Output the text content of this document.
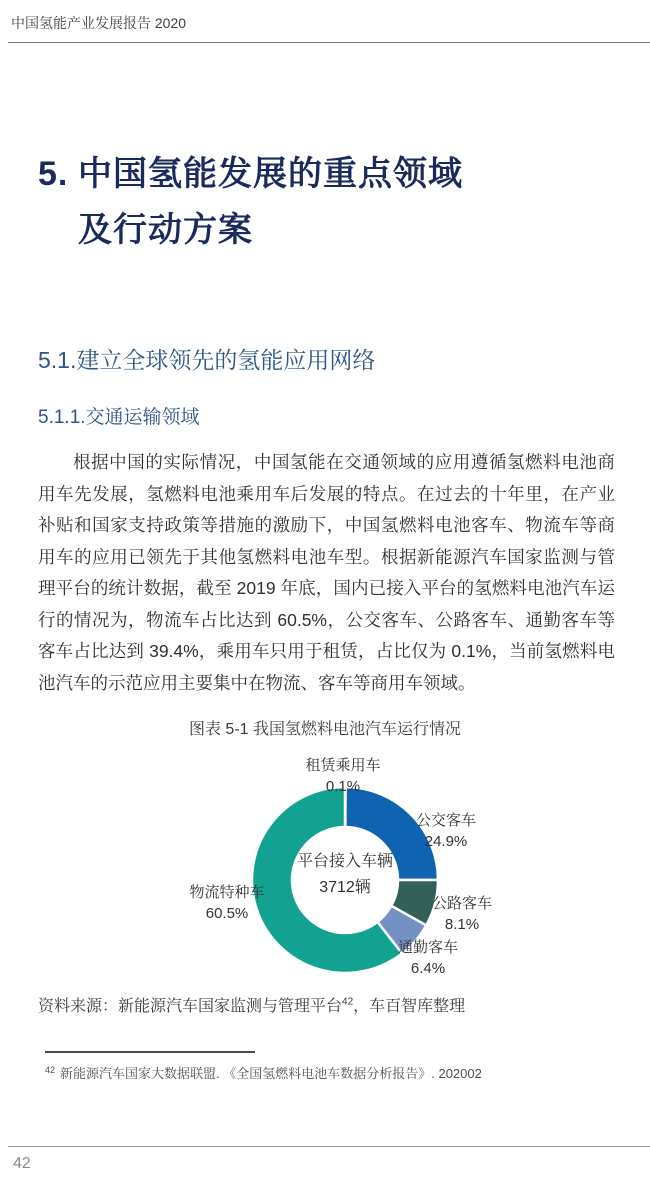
中国氢能产业发展报告 2020
5. 中国氢能发展的重点领域
及行动方案
5.1.建立全球领先的氢能应用网络
5.1.1.交通运输领域
根据中国的实际情况，中国氢能在交通领域的应用遵循氢燃料电池商用车先发展，氢燃料电池乘用车后发展的特点。在过去的十年里，在产业补贴和国家支持政策等措施的激励下，中国氢燃料电池客车、物流车等商用车的应用已领先于其他氢燃料电池车型。根据新能源汽车国家监测与管理平台的统计数据，截至 2019 年底，国内已接入平台的氢燃料电池汽车运行的情况为，物流车占比达到 60.5%，公交客车、公路客车、通勤客车等客车占比达到 39.4%，乘用车只用于租赁，占比仅为 0.1%，当前氢燃料电池汽车的示范应用主要集中在物流、客车等商用车领域。
图表 5-1 我国氢燃料电池汽车运行情况
租赁乘用车
0.1%
公交客车
24.9%
公路客车
8.1%
通勤客车
6.4%
物流特种车
60.5%
平台接入车辆
3712辆
资料来源：新能源汽车国家监测与管理平台$^{42}$，车百智库整理
$^{42}$ 新能源汽车国家大数据联盟. 《全国氢燃料电池车数据分析报告》. 202002
42
